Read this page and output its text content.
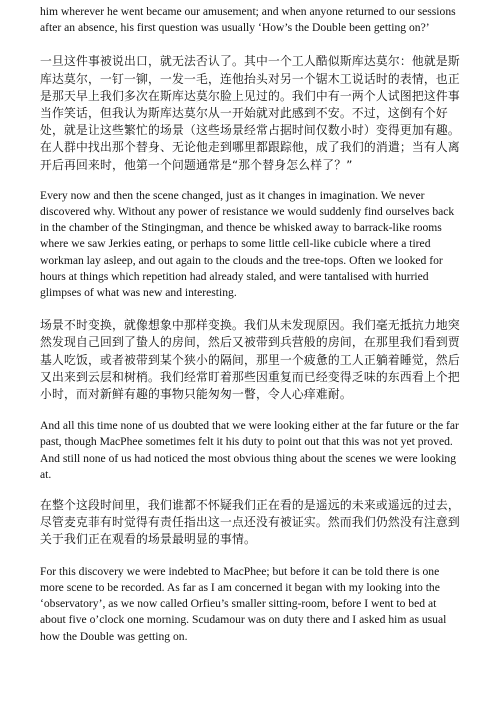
him wherever he went became our amusement; and when anyone returned to our sessions after an absence, his first question was usually ‘How’s the Double been getting on?’

一旦这件事被说出口，就无法否认了。其中一个工人酷似斯库达莫尔：他就是斯库达莫尔，一钉一铆，一发一毛，连他抬头对另一个锯木工说话时的表情，也正是那天早上我们多次在斯库达莫尔脸上见过的。我们中有一两个人试图把这件事当作笑话，但我认为斯库达莫尔从一开始就对此感到不安。不过，这倒有个好处，就是让这些繁忙的场景（这些场景经常占据时间仅数小时）变得更加有趣。在人群中找出那个替身、无论他走到哪里都跟踪他，成了我们的消遣；当有人离开后再回来时，他第一个问题通常是“那个替身怎么样了？”

Every now and then the scene changed, just as it changes in imagination. We never discovered why. Without any power of resistance we would suddenly find ourselves back in the chamber of the Stingingman, and thence be whisked away to barrack-like rooms where we saw Jerkies eating, or perhaps to some little cell-like cubicle where a tired workman lay asleep, and out again to the clouds and the tree-tops. Often we looked for hours at things which repetition had already staled, and were tantalised with hurried glimpses of what was new and interesting.

场景不时变换，就像想象中那样变换。我们从未发现原因。我们毫无抵抗力地突然发现自己回到了蛰人的房间，然后又被带到兵营般的房间，在那里我们看到贾基人吃饭，或者被带到某个狭小的隔间，那里一个疲惫的工人正躺着睡觉，然后又出来到云层和树梢。我们经常盯着那些因重复而已经变得乏味的东西看上个把小时，而对新鲜有趣的事物只能匆匆一瞥，令人心痒难耐。

And all this time none of us doubted that we were looking either at the far future or the far past, though MacPhee sometimes felt it his duty to point out that this was not yet proved. And still none of us had noticed the most obvious thing about the scenes we were looking at.

在整个这段时间里，我们谁都不怀疑我们正在看的是遥远的未来或遥远的过去，尽管麦克菲有时觉得有责任指出这一点还没有被证实。然而我们仍然没有注意到关于我们正在观看的场景最明显的事情。

For this discovery we were indebted to MacPhee; but before it can be told there is one more scene to be recorded. As far as I am concerned it began with my looking into the ‘observatory’, as we now called Orfieu’s smaller sitting-room, before I went to bed at about five o’clock one morning. Scudamour was on duty there and I asked him as usual how the Double was getting on.
